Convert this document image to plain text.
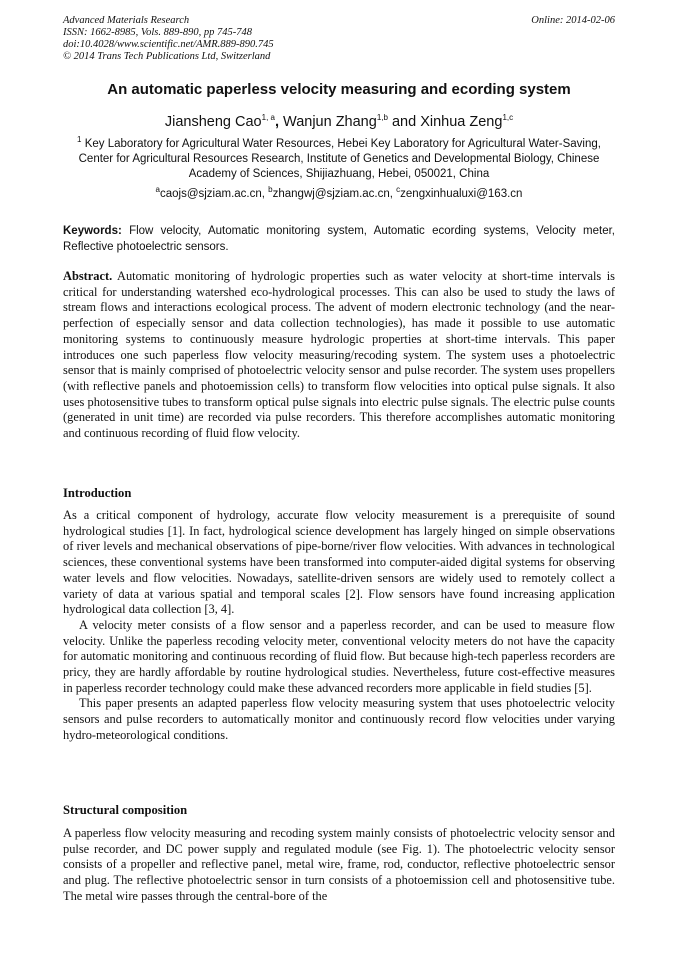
Advanced Materials Research
ISSN: 1662-8985, Vols. 889-890, pp 745-748
doi:10.4028/www.scientific.net/AMR.889-890.745
© 2014 Trans Tech Publications Ltd, Switzerland
Online: 2014-02-06
An automatic paperless velocity measuring and ecording system
Jiansheng Cao$^{1, a}$, Wanjun Zhang$^{1,b}$ and Xinhua Zeng$^{1,c}$
$^1$ Key Laboratory for Agricultural Water Resources, Hebei Key Laboratory for Agricultural Water-Saving, Center for Agricultural Resources Research, Institute of Genetics and Developmental Biology, Chinese Academy of Sciences, Shijiazhuang, Hebei, 050021, China
$^a$caojs@sjziam.ac.cn, $^b$zhangwj@sjziam.ac.cn, $^c$zengxinhualuxi@163.cn
Keywords: Flow velocity, Automatic monitoring system, Automatic ecording systems, Velocity meter, Reflective photoelectric sensors.

Abstract. Automatic monitoring of hydrologic properties such as water velocity at short-time intervals is critical for understanding watershed eco-hydrological processes. This can also be used to study the laws of stream flows and interactions ecological process. The advent of modern electronic technology (and the near-perfection of especially sensor and data collection technologies), has made it possible to use automatic monitoring systems to continuously measure hydrologic properties at short-time intervals. This paper introduces one such paperless flow velocity measuring/recoding system. The system uses a photoelectric sensor that is mainly comprised of photoelectric velocity sensor and pulse recorder. The system uses propellers (with reflective panels and photoemission cells) to transform flow velocities into optical pulse signals. It also uses photosensitive tubes to transform optical pulse signals into electric pulse signals. The electric pulse counts (generated in unit time) are recorded via pulse recorders. This therefore accomplishes automatic monitoring and continuous recording of fluid flow velocity.

Introduction

As a critical component of hydrology, accurate flow velocity measurement is a prerequisite of sound hydrological studies [1]. In fact, hydrological science development has largely hinged on simple observations of river levels and mechanical observations of pipe-borne/river flow velocities. With advances in technological sciences, these conventional systems have been transformed into computer-aided digital systems for observing water levels and flow velocities. Nowadays, satellite-driven sensors are widely used to remotely collect a variety of data at various spatial and temporal scales [2]. Flow sensors have found increasing application hydrological data collection [3, 4].

A velocity meter consists of a flow sensor and a paperless recorder, and can be used to measure flow velocity. Unlike the paperless recoding velocity meter, conventional velocity meters do not have the capacity for automatic monitoring and continuous recording of fluid flow. But because high-tech paperless recorders are pricy, they are hardly affordable by routine hydrological studies. Nevertheless, future cost-effective measures in paperless recorder technology could make these advanced recorders more applicable in field studies [5].

This paper presents an adapted paperless flow velocity measuring system that uses photoelectric velocity sensors and pulse recorders to automatically monitor and continuously record flow velocities under varying hydro-meteorological conditions.

Structural composition

A paperless flow velocity measuring and recoding system mainly consists of photoelectric velocity sensor and pulse recorder, and DC power supply and regulated module (see Fig. 1). The photoelectric velocity sensor consists of a propeller and reflective panel, metal wire, frame, rod, conductor, reflective photoelectric sensor and plug. The reflective photoelectric sensor in turn consists of a photoemission cell and photosensitive tube. The metal wire passes through the central-bore of the
